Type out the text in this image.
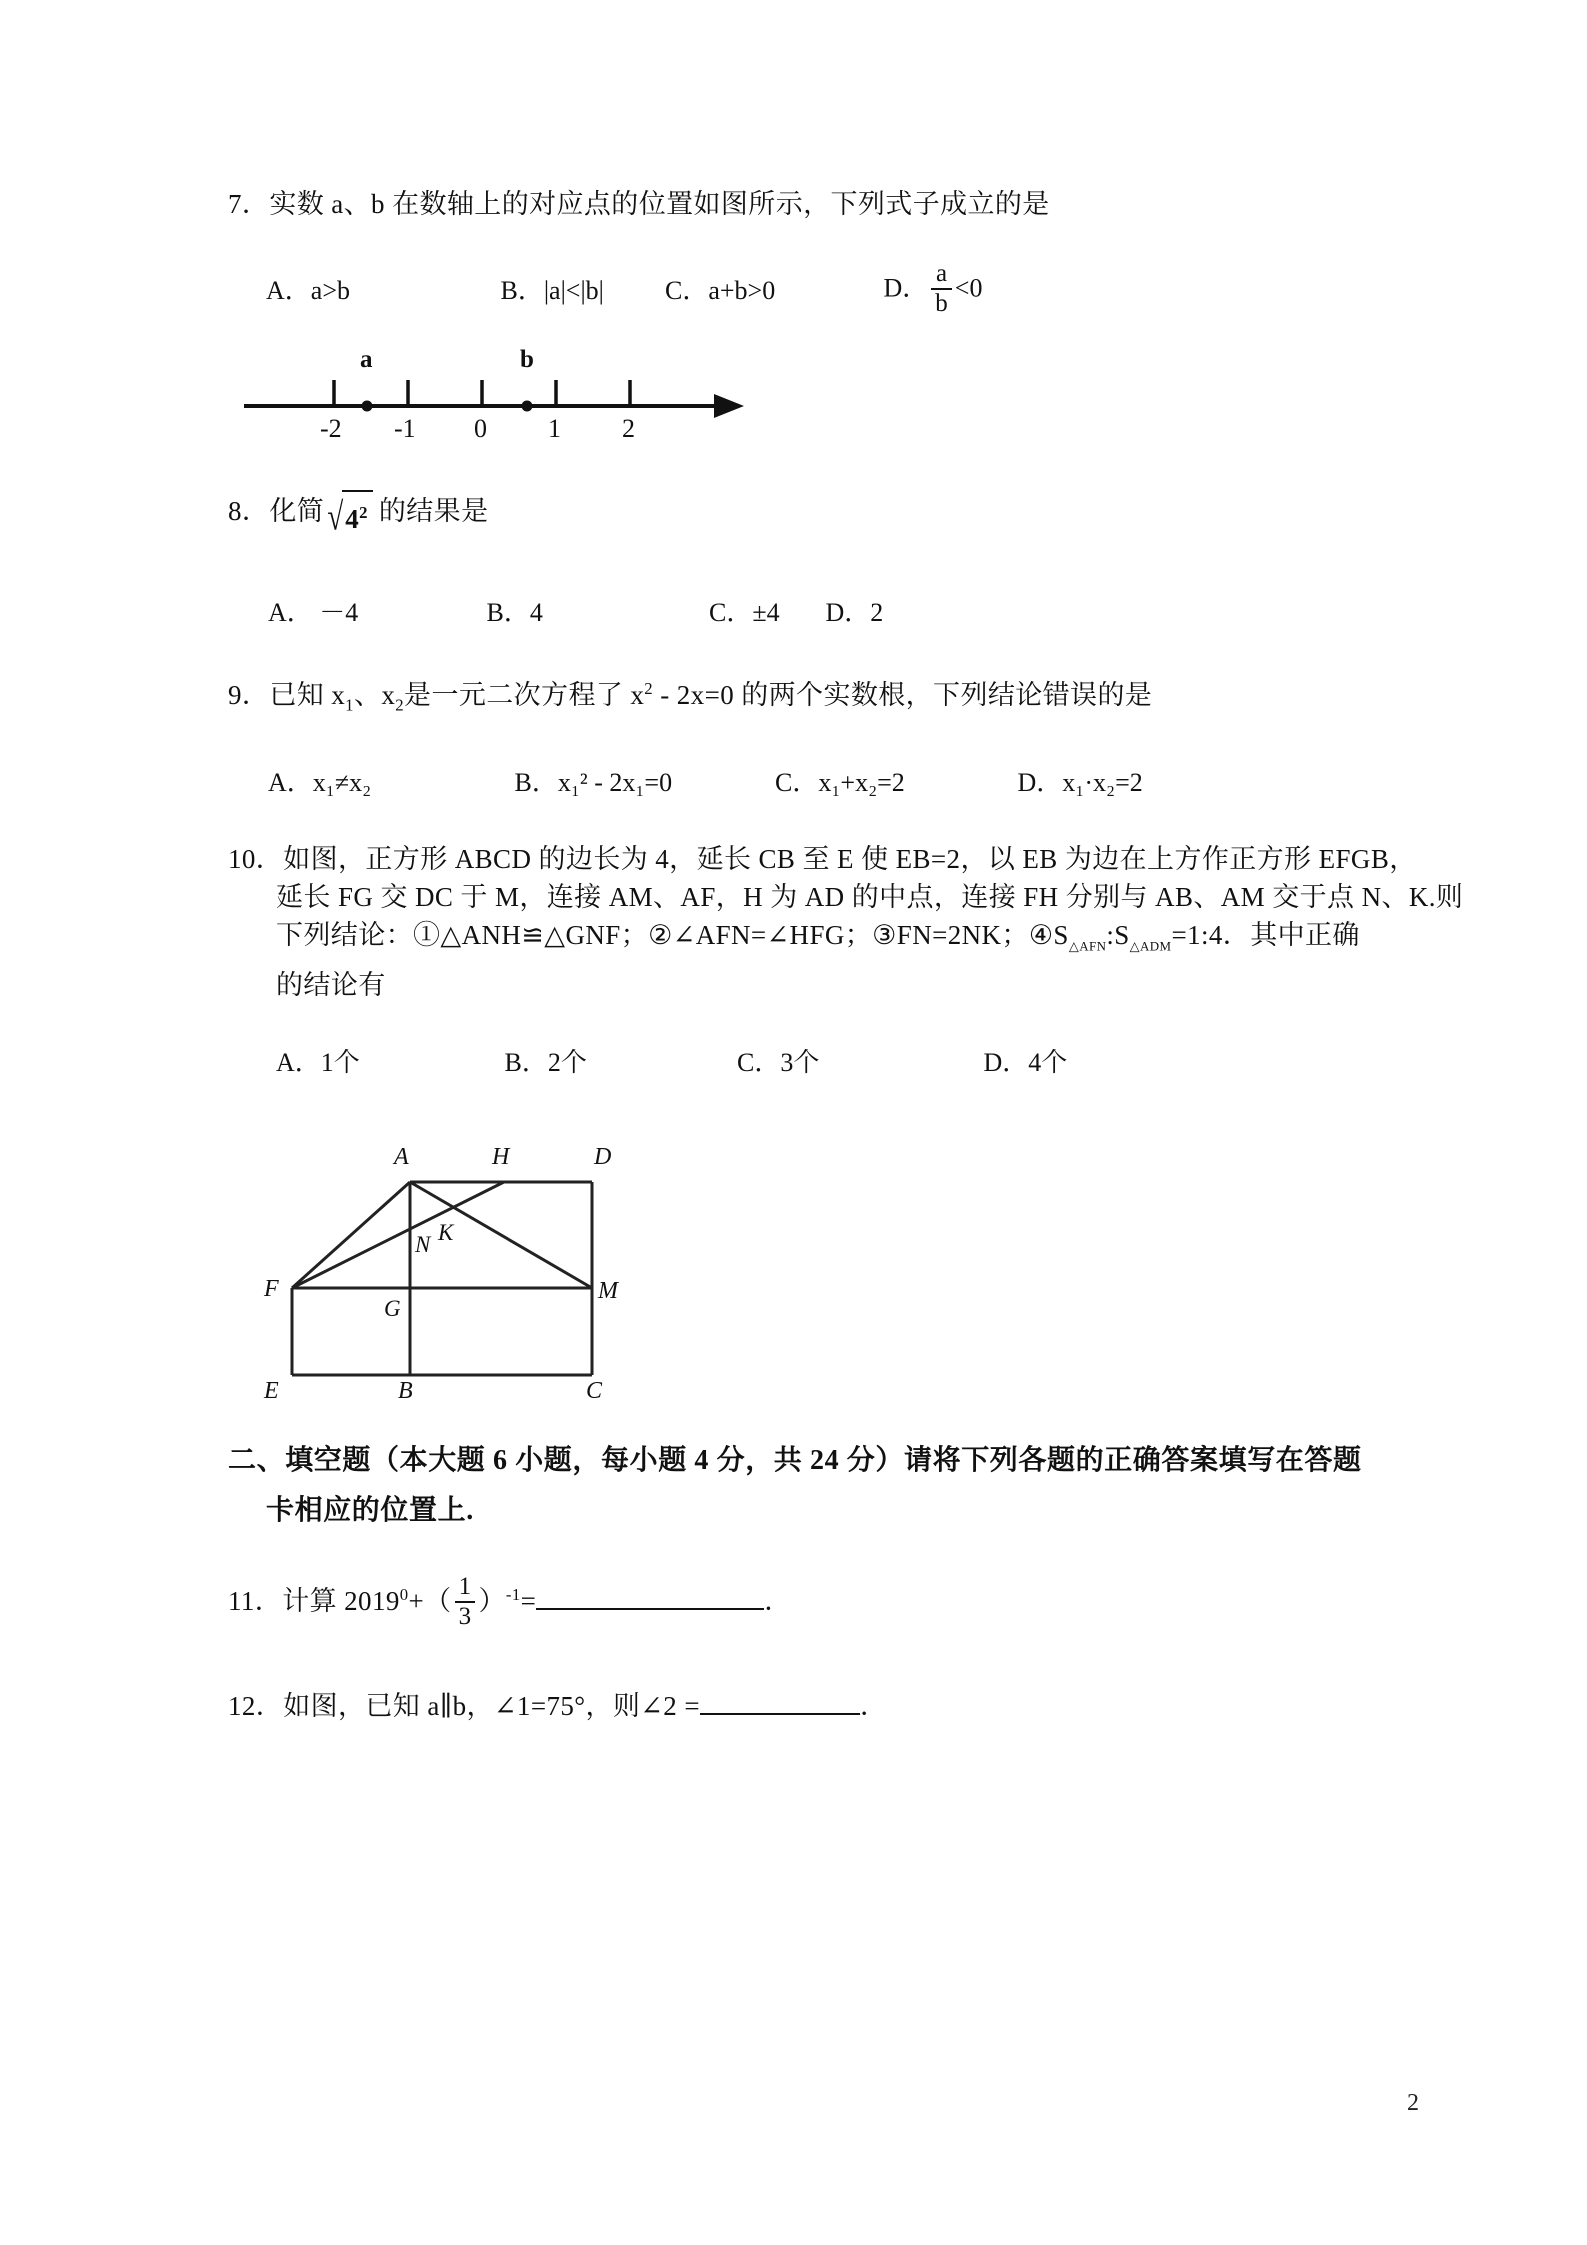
7．实数 a、b 在数轴上的对应点的位置如图所示，下列式子成立的是
A．a>b	B．|a|<|b| C．a+b>0	D． $\frac{a}{b} <0$
a	b
-2 -1 0 1 2
8．化简 $√4^2$ 的结果是
A． －4	B．4	C．±4 D．2
9．已知 $x_1$、$x_2$是一元二次方程了 $x^2 - 2x=0$ 的两个实数根，下列结论错误的是
A．x₁≠x₂	B．x₁² - 2x₁=0	C．x₁+x₂=2	D．x₁·x₂=2
10．如图，正方形 ABCD 的边长为 4，延长 CB 至 E 使 EB=2，以 EB 为边在上方作正方形 EFGB，
延长 FG 交 DC 于 M，连接 AM、AF，H 为 AD 的中点，连接 FH 分别与 AB、AM 交于点 N、K.则
下列结论：①△ANH≌△GNF；②∠AFN=∠HFG；③FN=2NK；$④S_{\triangle AFN}:S_{\triangle ADM}=1:4$．其中正确
的结论有
A．1个	B．2个	C．3个	D．4个
A	H	D
K
N
F
G
M
E	B	C
二、填空题（本大题 6 小题，每小题 4 分，共 24 分）请将下列各题的正确答案填写在答题
卡相应的位置上.
11．计算 $2019^0+( \frac{1}{3} )^{-1}=$	．
12．如图，已知 a∥b，∠1=75°，则∠2 =	．
2
